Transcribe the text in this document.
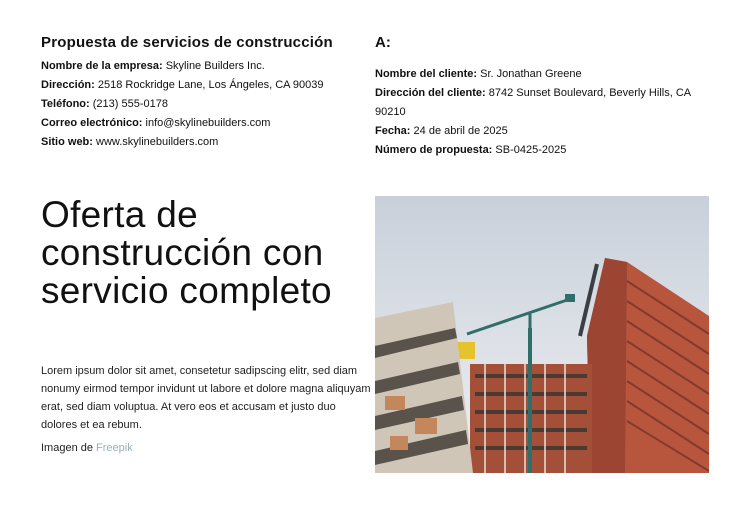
Propuesta de servicios de construcción
Nombre de la empresa: Skyline Builders Inc.
Dirección: 2518 Rockridge Lane, Los Ángeles, CA 90039
Teléfono: (213) 555-0178
Correo electrónico: info@skylinebuilders.com
Sitio web: www.skylinebuilders.com
A:
Nombre del cliente: Sr. Jonathan Greene
Dirección del cliente: 8742 Sunset Boulevard, Beverly Hills, CA 90210
Fecha: 24 de abril de 2025
Número de propuesta: SB-0425-2025
Oferta de construcción con servicio completo
Lorem ipsum dolor sit amet, consetetur sadipscing elitr, sed diam nonumy eirmod tempor invidunt ut labore et dolore magna aliquyam erat, sed diam voluptua. At vero eos et accusam et justo duo dolores et ea rebum.
Imagen de Freepik
